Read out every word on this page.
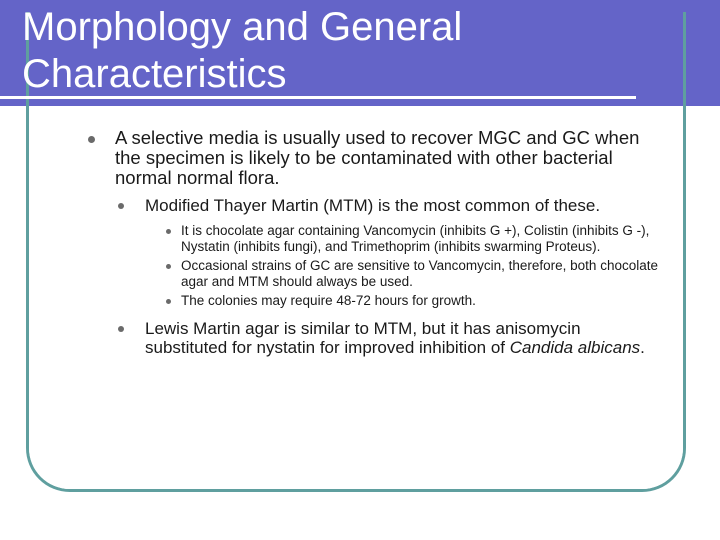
Morphology and General
Characteristics
A selective media is usually used to recover MGC and GC when the specimen is likely to be contaminated with other bacterial normal normal flora.
Modified Thayer Martin (MTM) is the most common of these.
It is chocolate agar containing Vancomycin (inhibits G +), Colistin (inhibits G -), Nystatin (inhibits fungi), and Trimethoprim (inhibits swarming Proteus).
Occasional strains of GC are sensitive to Vancomycin, therefore, both chocolate agar and MTM should always be used.
The colonies may require 48-72 hours for growth.
Lewis Martin agar is similar to MTM, but it has anisomycin substituted for nystatin for improved inhibition of Candida albicans.
